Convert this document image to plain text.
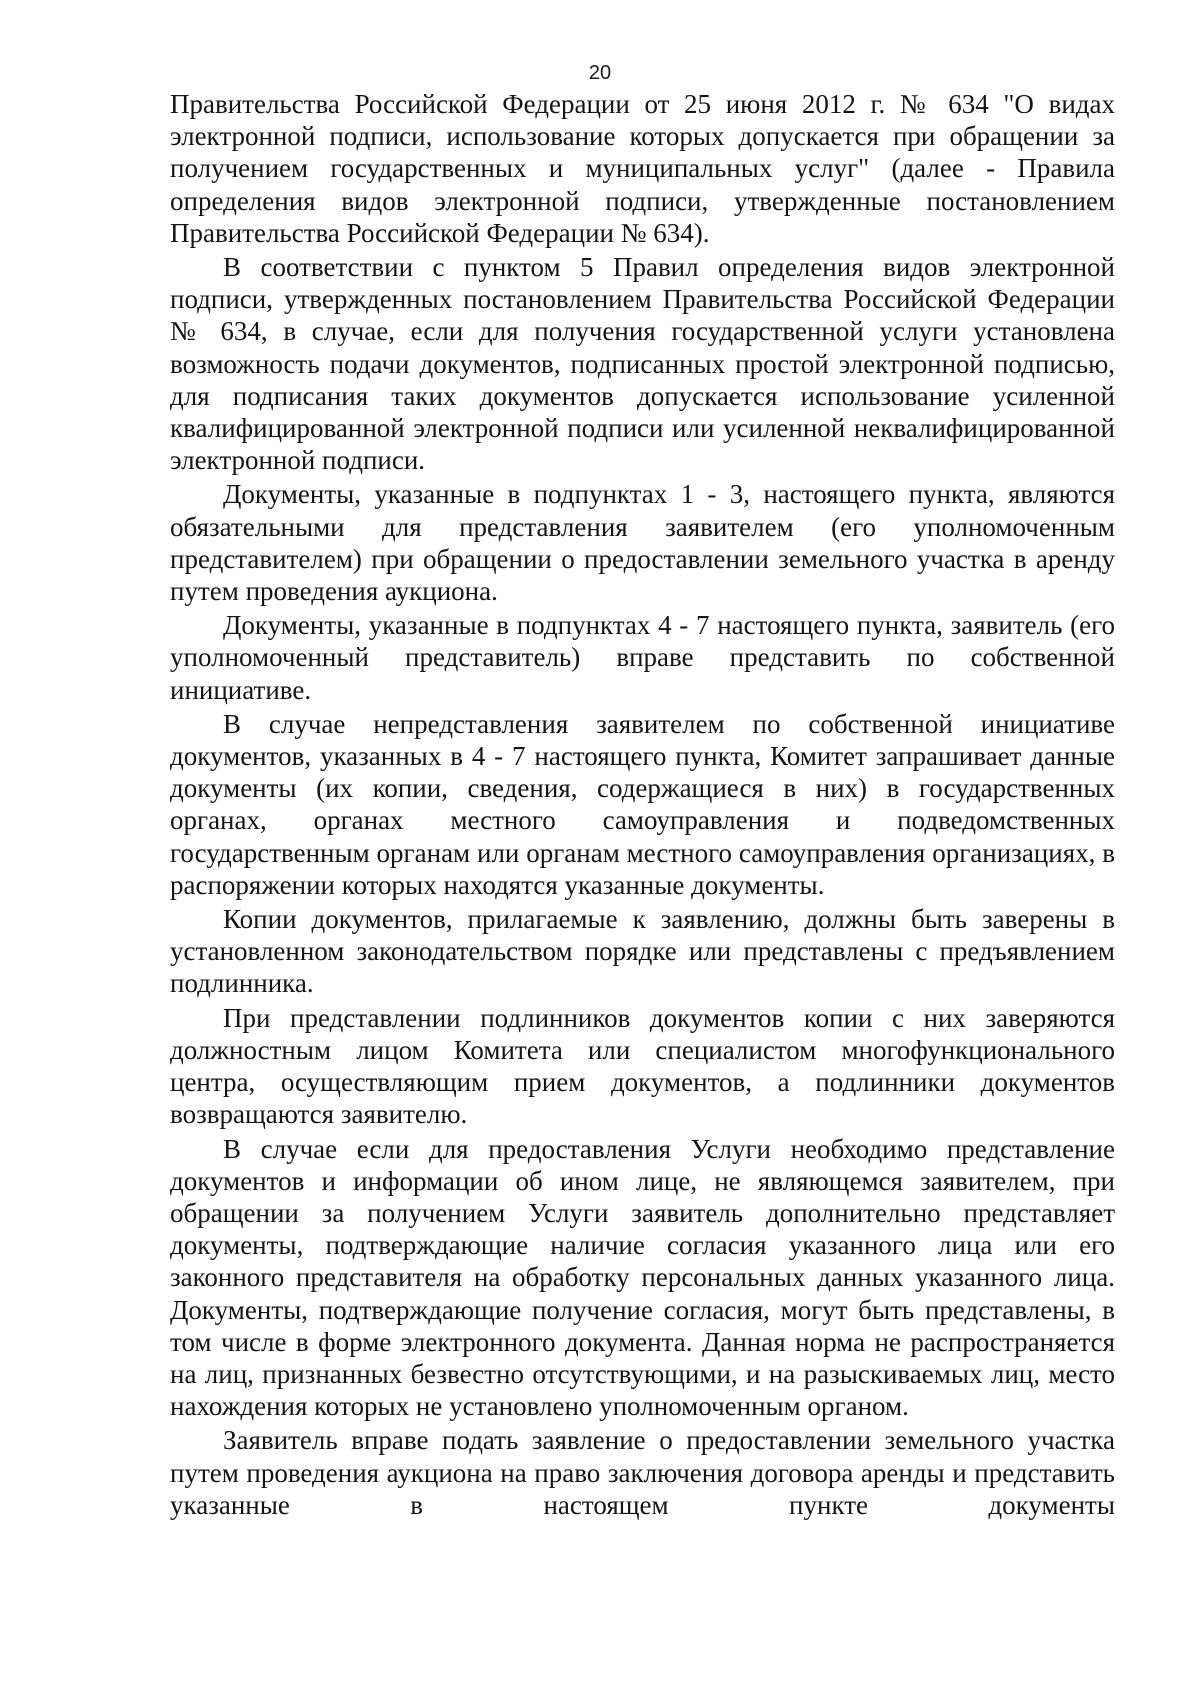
20

Правительства Российской Федерации от 25 июня 2012 г. № 634 "О видах электронной подписи, использование которых допускается при обращении за получением государственных и муниципальных услуг" (далее - Правила определения видов электронной подписи, утвержденные постановлением Правительства Российской Федерации № 634).

В соответствии с пунктом 5 Правил определения видов электронной подписи, утвержденных постановлением Правительства Российской Федерации № 634, в случае, если для получения государственной услуги установлена возможность подачи документов, подписанных простой электронной подписью, для подписания таких документов допускается использование усиленной квалифицированной электронной подписи или усиленной неквалифицированной электронной подписи.

Документы, указанные в подпунктах 1 - 3, настоящего пункта, являются обязательными для представления заявителем (его уполномоченным представителем) при обращении о предоставлении земельного участка в аренду путем проведения аукциона.

Документы, указанные в подпунктах 4 - 7 настоящего пункта, заявитель (его уполномоченный представитель) вправе представить по собственной инициативе.

В случае непредставления заявителем по собственной инициативе документов, указанных в 4 - 7 настоящего пункта, Комитет запрашивает данные документы (их копии, сведения, содержащиеся в них) в государственных органах, органах местного самоуправления и подведомственных государственным органам или органам местного самоуправления организациях, в распоряжении которых находятся указанные документы.

Копии документов, прилагаемые к заявлению, должны быть заверены в установленном законодательством порядке или представлены с предъявлением подлинника.

При представлении подлинников документов копии с них заверяются должностным лицом Комитета или специалистом многофункционального центра, осуществляющим прием документов, а подлинники документов возвращаются заявителю.

В случае если для предоставления Услуги необходимо представление документов и информации об ином лице, не являющемся заявителем, при обращении за получением Услуги заявитель дополнительно представляет документы, подтверждающие наличие согласия указанного лица или его законного представителя на обработку персональных данных указанного лица. Документы, подтверждающие получение согласия, могут быть представлены, в том числе в форме электронного документа. Данная норма не распространяется на лиц, признанных безвестно отсутствующими, и на разыскиваемых лиц, место нахождения которых не установлено уполномоченным органом.

Заявитель вправе подать заявление о предоставлении земельного участка путем проведения аукциона на право заключения договора аренды и представить указанные в настоящем пункте документы
